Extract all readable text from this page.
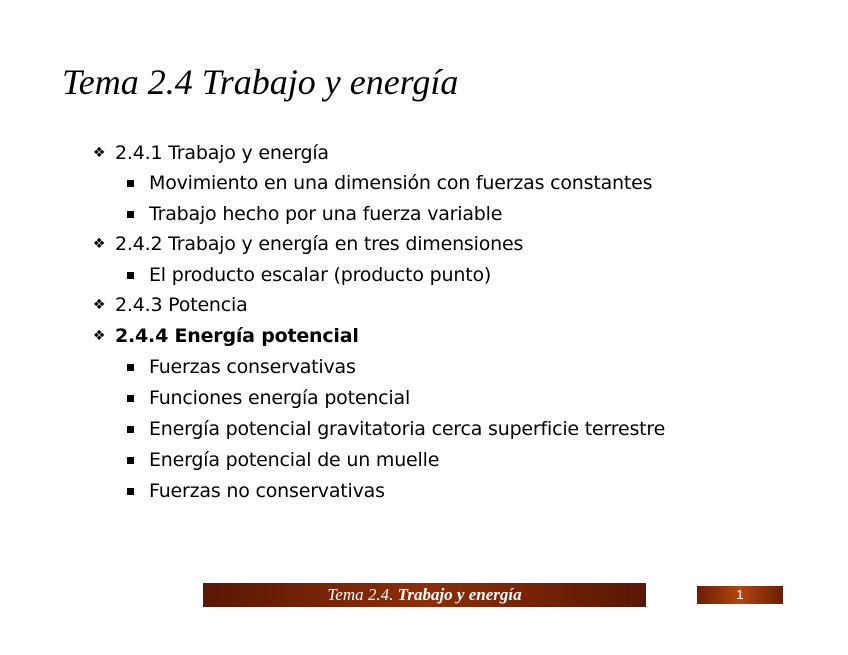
Tema 2.4 Trabajo y energía
❖ 2.4.1 Trabajo y energía
Movimiento en una dimensión con fuerzas constantes
Trabajo hecho por una fuerza variable
❖ 2.4.2 Trabajo y energía en tres dimensiones
El producto escalar (producto punto)
❖ 2.4.3 Potencia
❖ 2.4.4 Energía potencial
Fuerzas conservativas
Funciones energía potencial
Energía potencial gravitatoria cerca superficie terrestre
Energía potencial de un muelle
Fuerzas no conservativas
Tema 2.4.
Trabajo y energía	1
